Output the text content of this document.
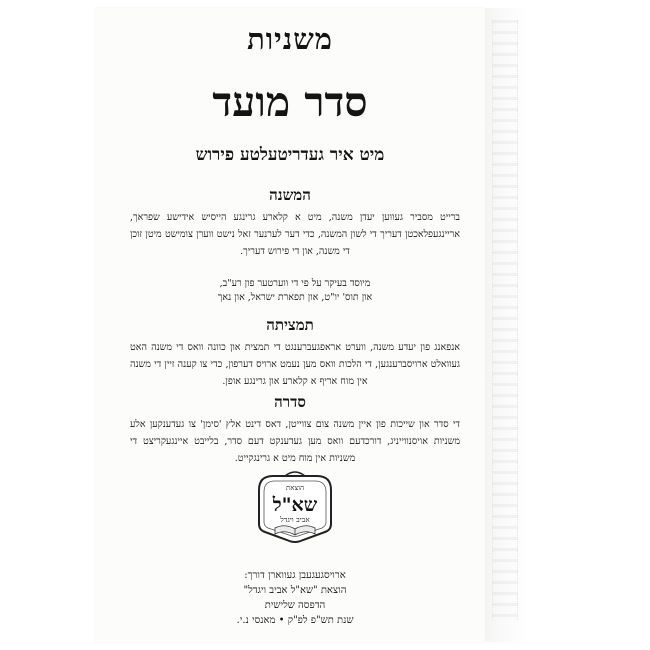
משניות
סדר מועד
מיט איר געדריטעלטע פירוש
המשנה
ברייט מסביר געווען יעדן משנה, מיט א קלארע גרינגע הייסיש אידישע שפראך, אריינגעפלאכטן דעריך די לשון המשנה, כדי דער לערנער זאל נישט ווערן צומישט מיטן זוכן די משנה, און די פירוש דעריך.
מיוסד בעיקר על פי די ווערטער פון רע"ב,
און תוס' יו"ט, און תפארת ישראל, און נאך
תמציתה
אנפאנג פון יעדע משנה, ווערט אראפגעברענגט די תמצית און כוונה וואס די משנה האט געוואלט ארויסברענגען, די הלכות וואס מען נעמט ארויס דערפון, כדי צו קענה זיין די משנה אין מוח אריף א קלארע און גרינגע אופן.
סדרה
די סדר און שייכות פון איין משנה צום צווייטן, דאס דינט אלץ 'סימן' צו געדענקען אלע משניות אויסנווייניג, דורכדעם וואס מען געדענקט דעם סדר, בלייבט איינגעקריצט די משניות אין מוח מיט א גרינגקייט.
הוצאת
שא"ל
אביב ויגדל
ארויסגעגעבן געווארן דורך:
הוצאת "שא"ל אביב ויגדל"
הדפסה שלישית
שנת תש"פ לפ"ק • מאנסי נ.י.
